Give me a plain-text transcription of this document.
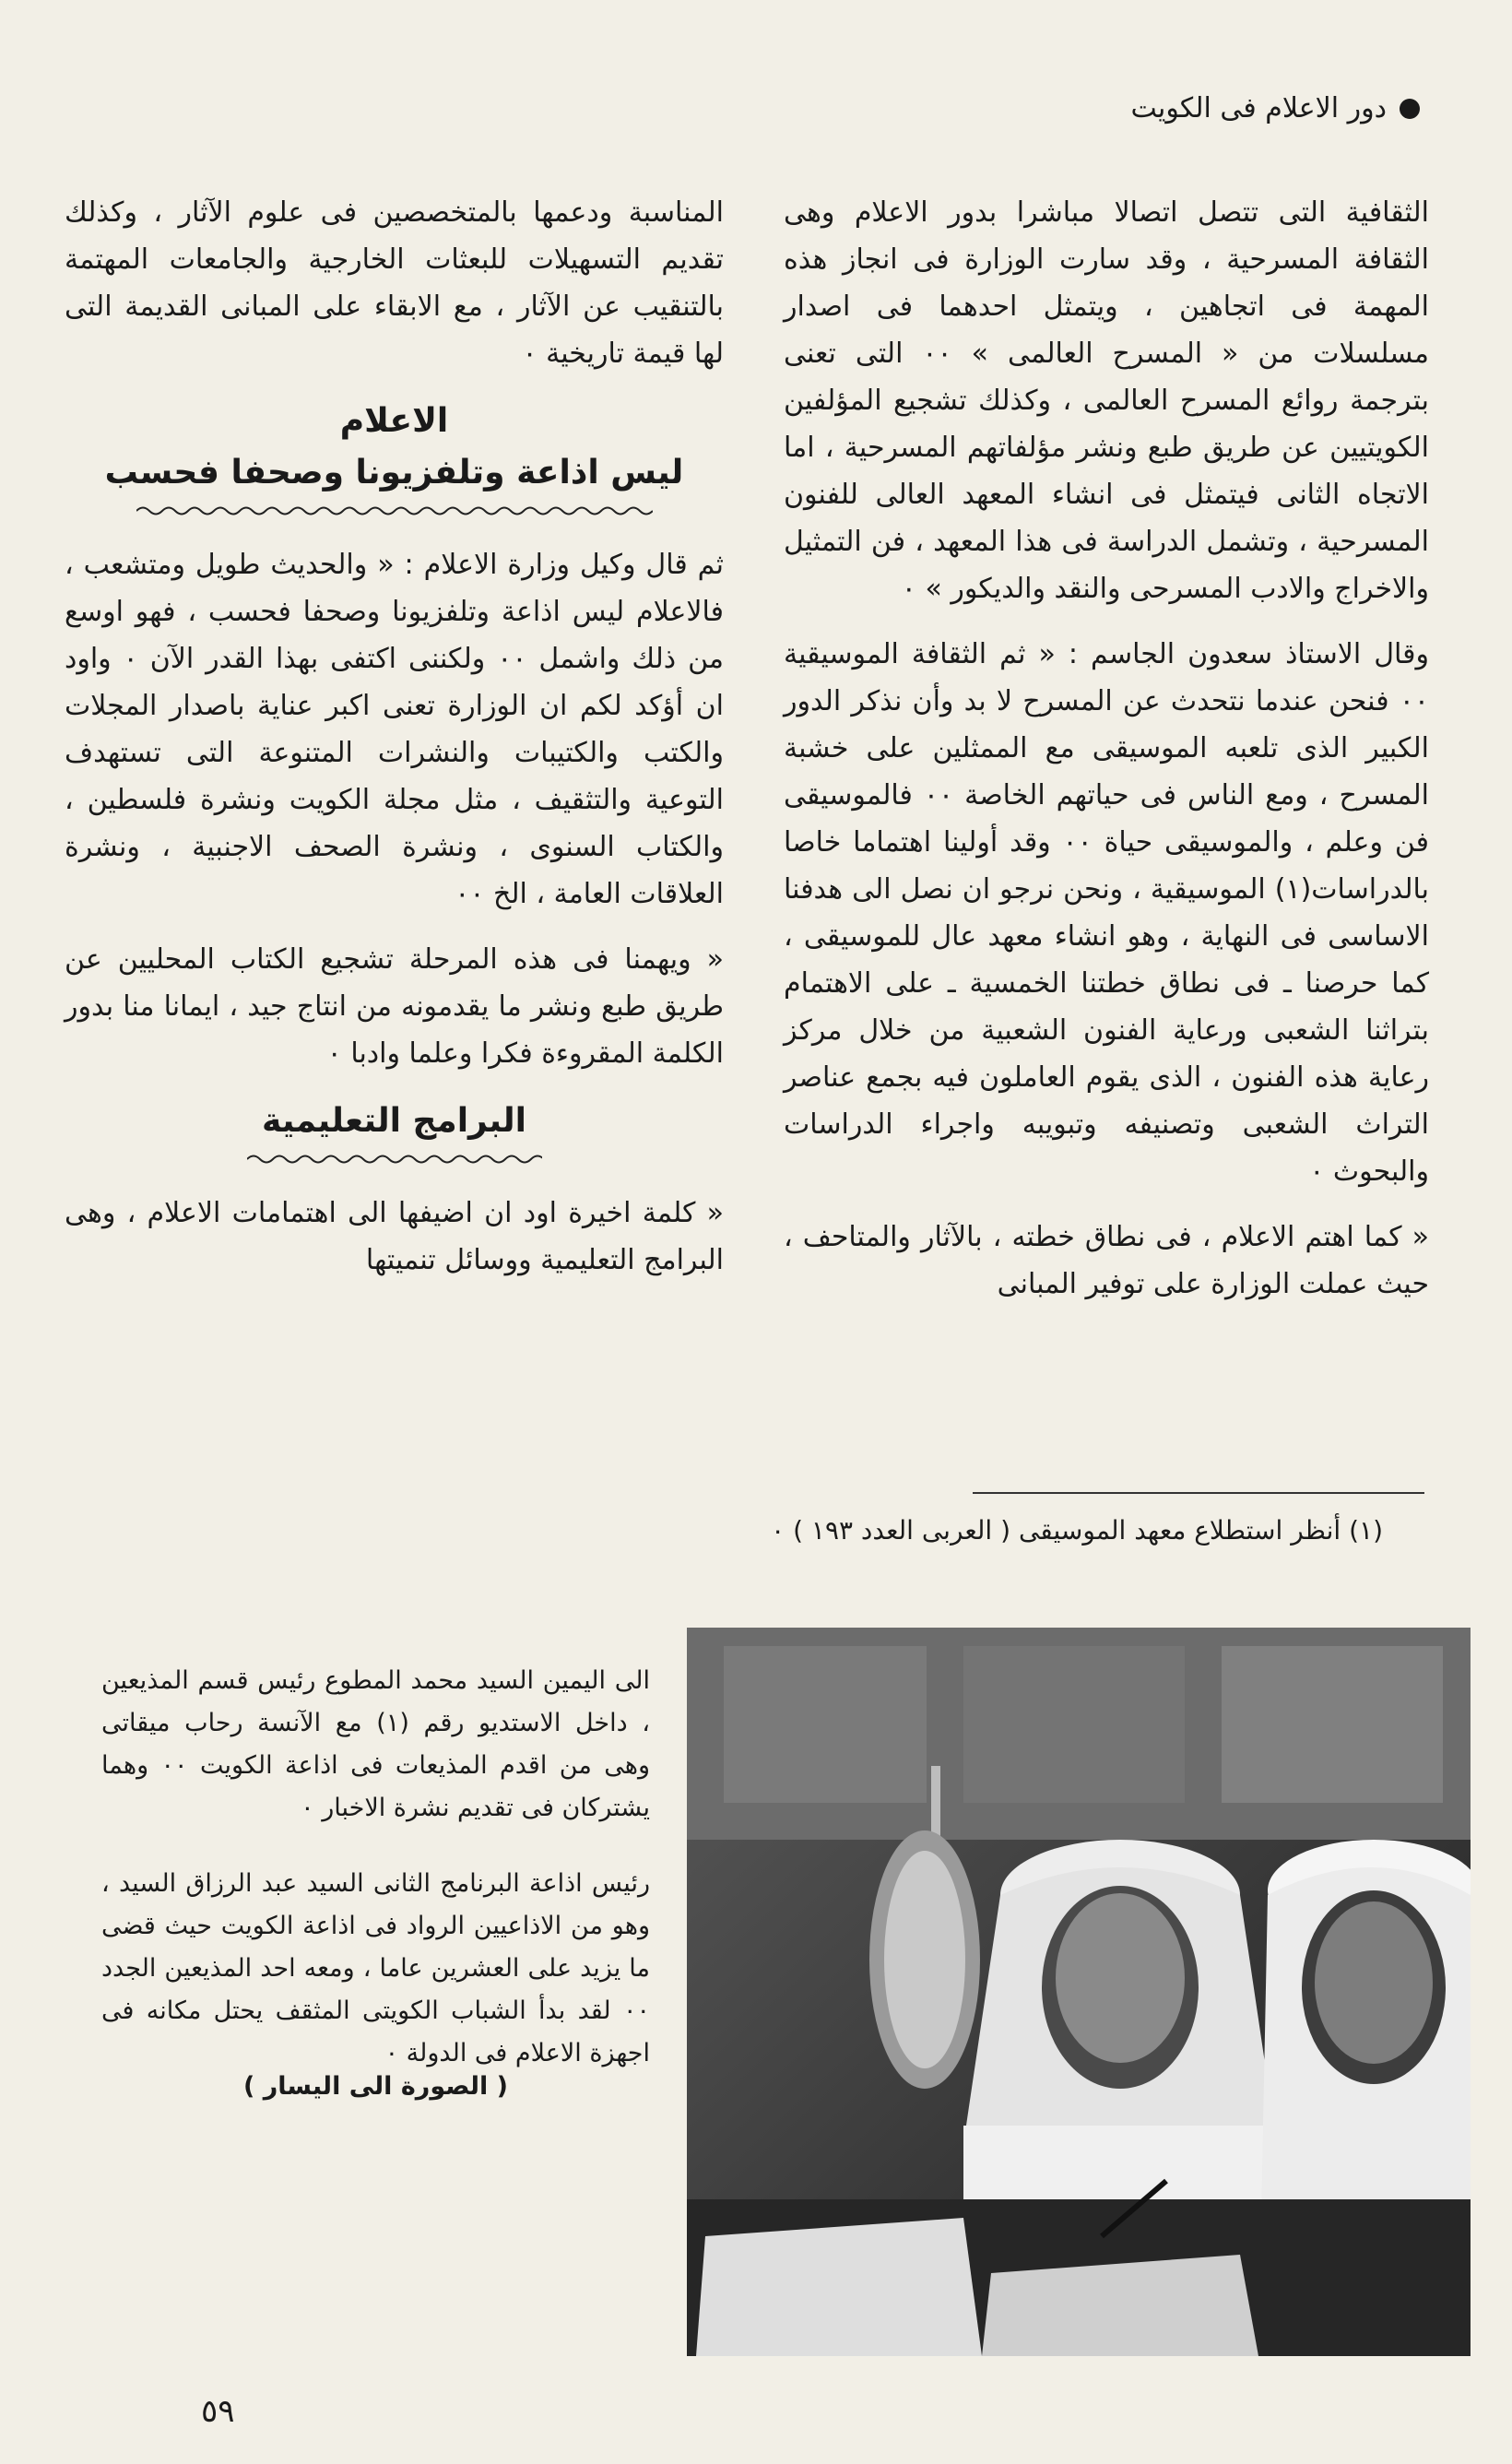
دور الاعلام فى الكويت

الثقافية التى تتصل اتصالا مباشرا بدور الاعلام وهى الثقافة المسرحية ، وقد سارت الوزارة فى انجاز هذه المهمة فى اتجاهين ، ويتمثل احدهما فى اصدار مسلسلات من « المسرح العالمى » ٠٠ التى تعنى بترجمة روائع المسرح العالمى ، وكذلك تشجيع المؤلفين الكويتيين عن طريق طبع ونشر مؤلفاتهم المسرحية ، اما الاتجاه الثانى فيتمثل فى انشاء المعهد العالى للفنون المسرحية ، وتشمل الدراسة فى هذا المعهد ، فن التمثيل والاخراج والادب المسرحى والنقد والديكور » ٠

وقال الاستاذ سعدون الجاسم : « ثم الثقافة الموسيقية ٠٠ فنحن عندما نتحدث عن المسرح لا بد وأن نذكر الدور الكبير الذى تلعبه الموسيقى مع الممثلين على خشبة المسرح ، ومع الناس فى حياتهم الخاصة ٠٠ فالموسيقى فن وعلم ، والموسيقى حياة ٠٠ وقد أولينا اهتماما خاصا بالدراسات(١) الموسيقية ، ونحن نرجو ان نصل الى هدفنا الاساسى فى النهاية ، وهو انشاء معهد عال للموسيقى ، كما حرصنا ـ فى نطاق خطتنا الخمسية ـ على الاهتمام بتراثنا الشعبى ورعاية الفنون الشعبية من خلال مركز رعاية هذه الفنون ، الذى يقوم العاملون فيه بجمع عناصر التراث الشعبى وتصنيفه وتبويبه واجراء الدراسات والبحوث ٠

« كما اهتم الاعلام ، فى نطاق خطته ، بالآثار والمتاحف ، حيث عملت الوزارة على توفير المبانى

المناسبة ودعمها بالمتخصصين فى علوم الآثار ، وكذلك تقديم التسهيلات للبعثات الخارجية والجامعات المهتمة بالتنقيب عن الآثار ، مع الابقاء على المبانى القديمة التى لها قيمة تاريخية ٠

الاعلام
ليس اذاعة وتلفزيونا وصحفا فحسب

ثم قال وكيل وزارة الاعلام : « والحديث طويل ومتشعب ، فالاعلام ليس اذاعة وتلفزيونا وصحفا فحسب ، فهو اوسع من ذلك واشمل ٠٠ ولكننى اكتفى بهذا القدر الآن ٠ واود ان أؤكد لكم ان الوزارة تعنى اكبر عناية باصدار المجلات والكتب والكتيبات والنشرات المتنوعة التى تستهدف التوعية والتثقيف ، مثل مجلة الكويت ونشرة فلسطين ، والكتاب السنوى ، ونشرة الصحف الاجنبية ، ونشرة العلاقات العامة ، الخ ٠٠

« ويهمنا فى هذه المرحلة تشجيع الكتاب المحليين عن طريق طبع ونشر ما يقدمونه من انتاج جيد ، ايمانا منا بدور الكلمة المقروءة فكرا وعلما وادبا ٠

البرامج التعليمية

« كلمة اخيرة اود ان اضيفها الى اهتمامات الاعلام ، وهى البرامج التعليمية ووسائل تنميتها

(١) أنظر استطلاع معهد الموسيقى ( العربى العدد ١٩٣ ) ٠

الى اليمين السيد محمد المطوع رئيس قسم المذيعين ، داخل الاستديو رقم (١) مع الآنسة رحاب ميقاتى وهى من اقدم المذيعات فى اذاعة الكويت ٠٠ وهما يشتركان فى تقديم نشرة الاخبار ٠

رئيس اذاعة البرنامج الثانى السيد عبد الرزاق السيد ، وهو من الاذاعيين الرواد فى اذاعة الكويت حيث قضى ما يزيد على العشرين عاما ، ومعه احد المذيعين الجدد ٠٠ لقد بدأ الشباب الكويتى المثقف يحتل مكانه فى اجهزة الاعلام فى الدولة ٠
( الصورة الى اليسار )

٥٩
